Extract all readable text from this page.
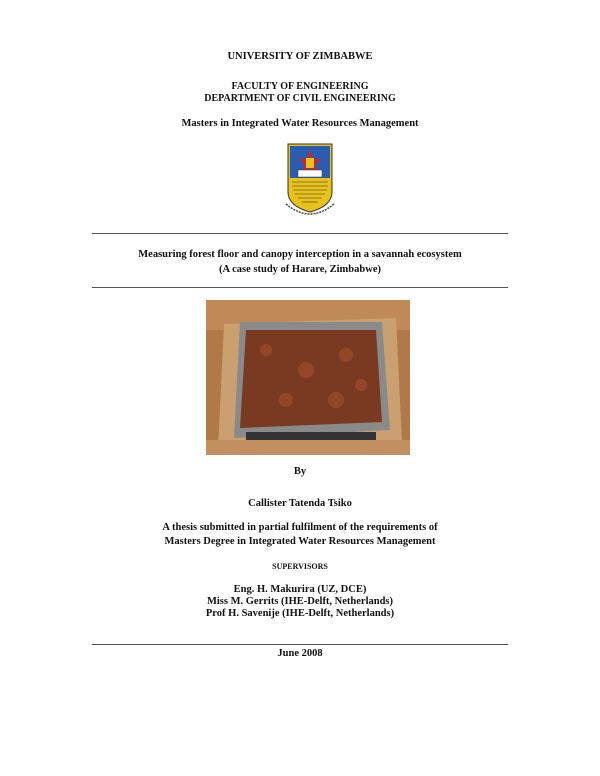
UNIVERSITY OF ZIMBABWE
FACULTY OF ENGINEERING
DEPARTMENT OF CIVIL ENGINEERING
Masters in Integrated Water Resources Management
Measuring forest floor and canopy interception in a savannah ecosystem
(A case study of Harare, Zimbabwe)
By
Callister Tatenda Tsiko
A thesis submitted in partial fulfilment of the requirements of
Masters Degree in Integrated Water Resources Management
SUPERVISORS
Eng. H. Makurira (UZ, DCE)
Miss M. Gerrits (IHE-Delft, Netherlands)
Prof H. Savenije (IHE-Delft, Netherlands)
June 2008
